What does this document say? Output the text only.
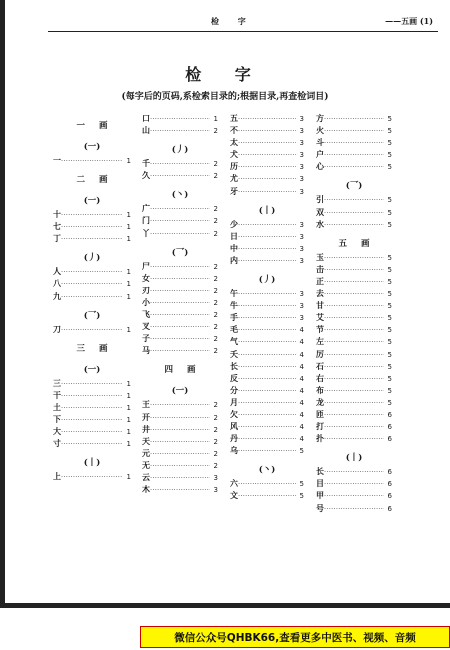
检 字	——五画 (1)
检 字
(每字后的页码,系检索目录的;根据目录,再查检词目)
一 画
(一)
一 ·····	1
二 画
(一)
十 ·····	1
七 ·····	1
丁 ·····	1
(丿)
人 ·····	1
八 ·····	1
九 ·····	1
(乛)
刀 ·····	1
三 画
(一)
三 ·····	1
干 ·····	1
土 ·····	1
下 ·····	1
大 ·····	1
寸 ·····	1
(丨)
上 ·····	1
口 ·····	1
山 ·····	2
(丿)
千 ·····	2
久 ·····	2
(丶)
广 ·····	2
门 ·····	2
丫 ·····	2
(乛)
尸 ·····	2
女 ·····	2
刃 ·····	2
小 ·····	2
飞 ·····	2
叉 ·····	2
子 ·····	2
马 ·····	2
四 画
(一)
王 ·····	2
开 ·····	2
井 ·····	2
天 ·····	2
元 ·····	2
无 ·····	2
云 ·····	3
木 ·····	3
五 ·····	3
不 ·····	3
太 ·····	3
犬 ·····	3
历 ·····	3
尤 ·····	3
牙 ·····	3
(丨)
少 ·····	3
日 ·····	3
中 ·····	3
内 ·····	3
(丿)
午 ·····	3
牛 ·····	3
手 ·····	3
毛 ·····	4
气 ·····	4
夭 ·····	4
长 ·····	4
反 ·····	4
分 ·····	4
月 ·····	4
欠 ·····	4
风 ·····	4
丹 ·····	4
乌 ·····	5
(丶)
六 ·····	5
文 ·····	5
方 ·····	5
火 ·····	5
斗 ·····	5
户 ·····	5
心 ·····	5
(乛)
引 ·····	5
双 ·····	5
水 ·····	5
五 画
玉 ·····	5
击 ·····	5
正 ·····	5
去 ·····	5
甘 ·····	5
艾 ·····	5
节 ·····	5
左 ·····	5
厉 ·····	5
石 ·····	5
右 ·····	5
布 ·····	5
龙 ·····	5
匝 ·····	6
打 ·····	6
扑 ·····	6
(丨)
长 ·····	6
目 ·····	6
甲 ·····	6
号 ·····	6
微信公众号QHBK66,查看更多中医书、视频、音频
